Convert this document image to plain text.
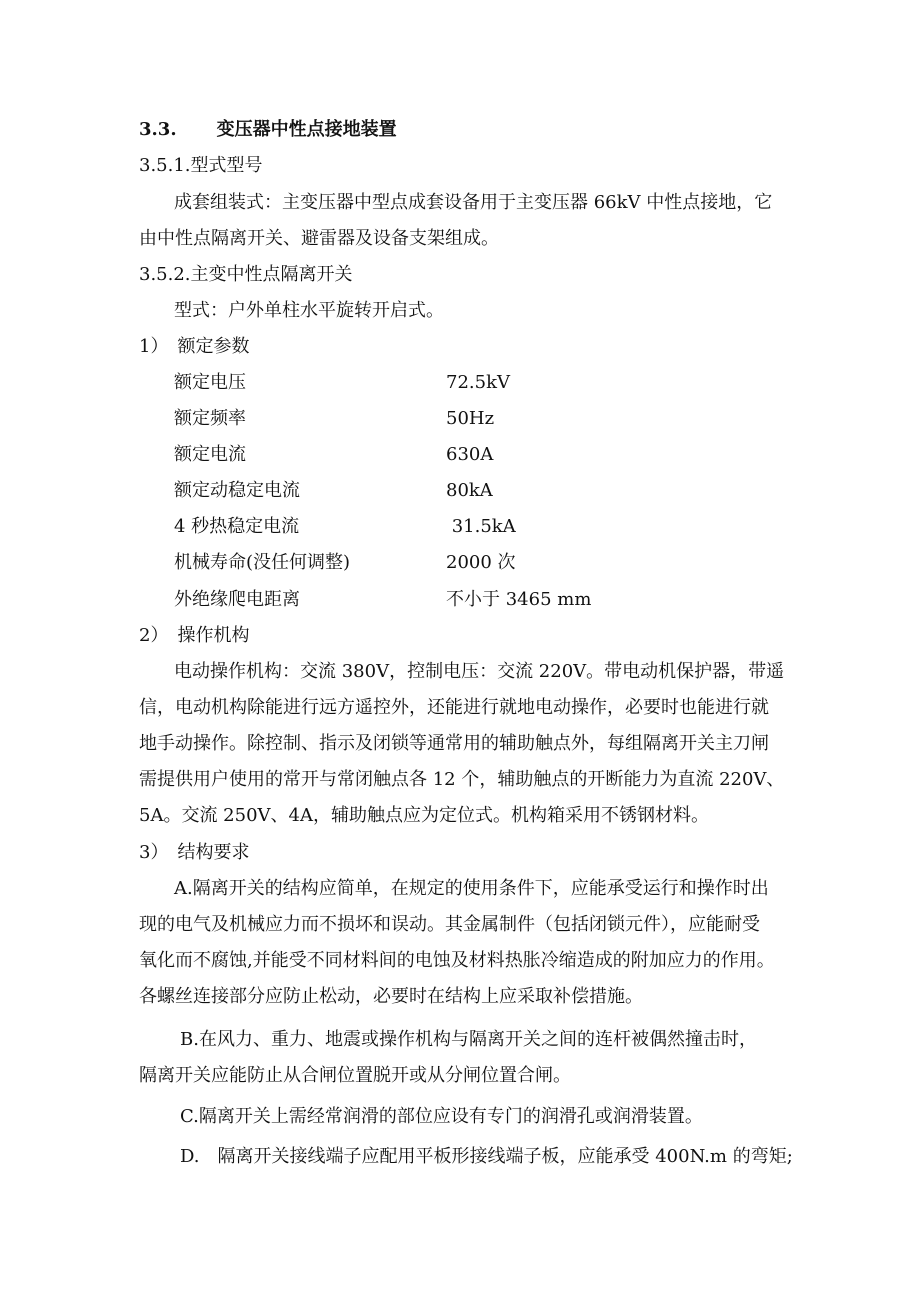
3.3. 变压器中性点接地装置
3.5.1.型式型号
成套组装式：主变压器中型点成套设备用于主变压器 66kV 中性点接地，它
由中性点隔离开关、避雷器及设备支架组成。
3.5.2.主变中性点隔离开关
型式：户外单柱水平旋转开启式。
1）　额定参数
额定电压	72.5kV
额定频率	50Hz
额定电流	630A
额定动稳定电流	80kA
4 秒热稳定电流	31.5kA
机械寿命(没任何调整)	2000 次
外绝缘爬电距离	不小于 3465 mm
2）　操作机构
电动操作机构：交流 380V，控制电压：交流 220V。带电动机保护器，带遥
信，电动机构除能进行远方遥控外，还能进行就地电动操作，必要时也能进行就
地手动操作。除控制、指示及闭锁等通常用的辅助触点外，每组隔离开关主刀闸
需提供用户使用的常开与常闭触点各 12 个，辅助触点的开断能力为直流 220V、
5A。交流 250V、4A，辅助触点应为定位式。机构箱采用不锈钢材料。
3）　结构要求
A.隔离开关的结构应简单，在规定的使用条件下，应能承受运行和操作时出
现的电气及机械应力而不损坏和误动。其金属制件（包括闭锁元件），应能耐受
氧化而不腐蚀,并能受不同材料间的电蚀及材料热胀冷缩造成的附加应力的作用。
各螺丝连接部分应防止松动，必要时在结构上应采取补偿措施。
B.在风力、重力、地震或操作机构与隔离开关之间的连杆被偶然撞击时，
隔离开关应能防止从合闸位置脱开或从分闸位置合闸。
C.隔离开关上需经常润滑的部位应设有专门的润滑孔或润滑装置。
D.　隔离开关接线端子应配用平板形接线端子板，应能承受 400N.m 的弯矩;
